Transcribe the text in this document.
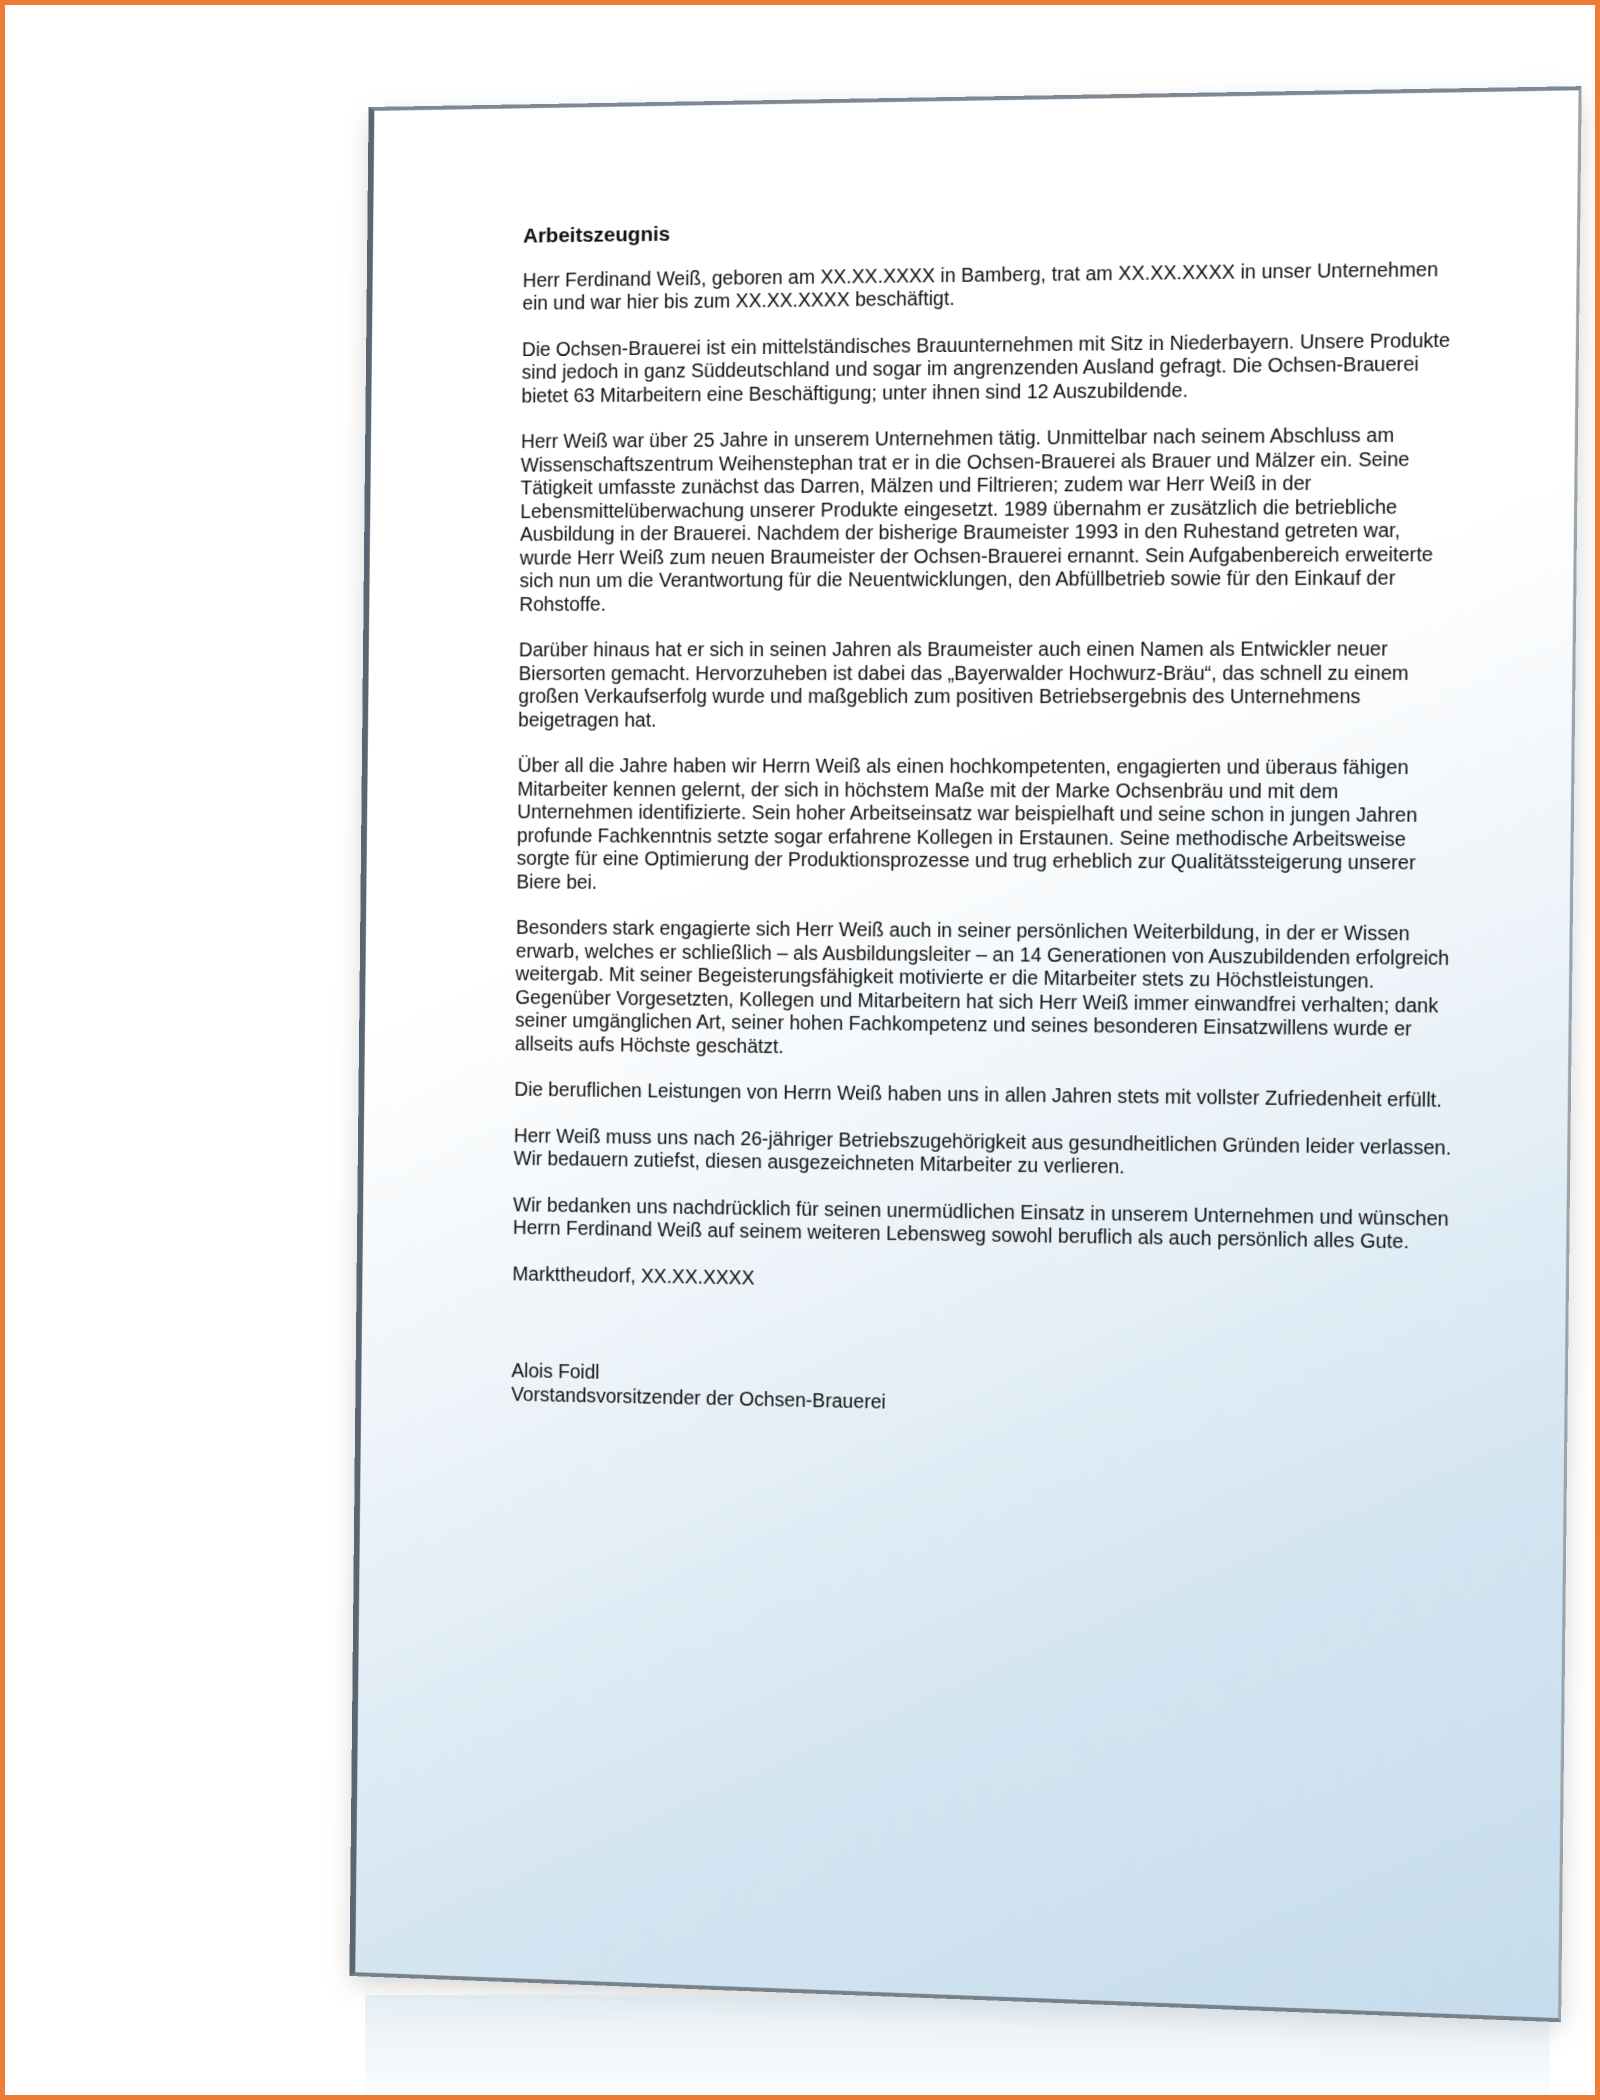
Arbeitszeugnis

Herr Ferdinand Weiß, geboren am XX.XX.XXXX in Bamberg, trat am XX.XX.XXXX in unser Unternehmen ein und war hier bis zum XX.XX.XXXX beschäftigt.

Die Ochsen-Brauerei ist ein mittelständisches Brauunternehmen mit Sitz in Niederbayern. Unsere Produkte sind jedoch in ganz Süddeutschland und sogar im angrenzenden Ausland gefragt. Die Ochsen-Brauerei bietet 63 Mitarbeitern eine Beschäftigung; unter ihnen sind 12 Auszubildende.

Herr Weiß war über 25 Jahre in unserem Unternehmen tätig. Unmittelbar nach seinem Abschluss am Wissenschaftszentrum Weihenstephan trat er in die Ochsen-Brauerei als Brauer und Mälzer ein. Seine Tätigkeit umfasste zunächst das Darren, Mälzen und Filtrieren; zudem war Herr Weiß in der Lebensmittelüberwachung unserer Produkte eingesetzt. 1989 übernahm er zusätzlich die betriebliche Ausbildung in der Brauerei. Nachdem der bisherige Braumeister 1993 in den Ruhestand getreten war, wurde Herr Weiß zum neuen Braumeister der Ochsen-Brauerei ernannt. Sein Aufgabenbereich erweiterte sich nun um die Verantwortung für die Neuentwicklungen, den Abfüllbetrieb sowie für den Einkauf der Rohstoffe.

Darüber hinaus hat er sich in seinen Jahren als Braumeister auch einen Namen als Entwickler neuer Biersorten gemacht. Hervorzuheben ist dabei das „Bayerwalder Hochwurz-Bräu“, das schnell zu einem großen Verkaufserfolg wurde und maßgeblich zum positiven Betriebsergebnis des Unternehmens beigetragen hat.

Über all die Jahre haben wir Herrn Weiß als einen hochkompetenten, engagierten und überaus fähigen Mitarbeiter kennen gelernt, der sich in höchstem Maße mit der Marke Ochsenbräu und mit dem Unternehmen identifizierte. Sein hoher Arbeitseinsatz war beispielhaft und seine schon in jungen Jahren profunde Fachkenntnis setzte sogar erfahrene Kollegen in Erstaunen. Seine methodische Arbeitsweise sorgte für eine Optimierung der Produktionsprozesse und trug erheblich zur Qualitätssteigerung unserer Biere bei.

Besonders stark engagierte sich Herr Weiß auch in seiner persönlichen Weiterbildung, in der er Wissen erwarb, welches er schließlich – als Ausbildungsleiter – an 14 Generationen von Auszubildenden erfolgreich weitergab. Mit seiner Begeisterungsfähigkeit motivierte er die Mitarbeiter stets zu Höchstleistungen.

Gegenüber Vorgesetzten, Kollegen und Mitarbeitern hat sich Herr Weiß immer einwandfrei verhalten; dank seiner umgänglichen Art, seiner hohen Fachkompetenz und seines besonderen Einsatzwillens wurde er allseits aufs Höchste geschätzt.

Die beruflichen Leistungen von Herrn Weiß haben uns in allen Jahren stets mit vollster Zufriedenheit erfüllt.

Herr Weiß muss uns nach 26-jähriger Betriebszugehörigkeit aus gesundheitlichen Gründen leider verlassen. Wir bedauern zutiefst, diesen ausgezeichneten Mitarbeiter zu verlieren.

Wir bedanken uns nachdrücklich für seinen unermüdlichen Einsatz in unserem Unternehmen und wünschen Herrn Ferdinand Weiß auf seinem weiteren Lebensweg sowohl beruflich als auch persönlich alles Gute.

Markttheudorf, XX.XX.XXXX

Alois Foidl

Vorstandsvorsitzender der Ochsen-Brauerei
